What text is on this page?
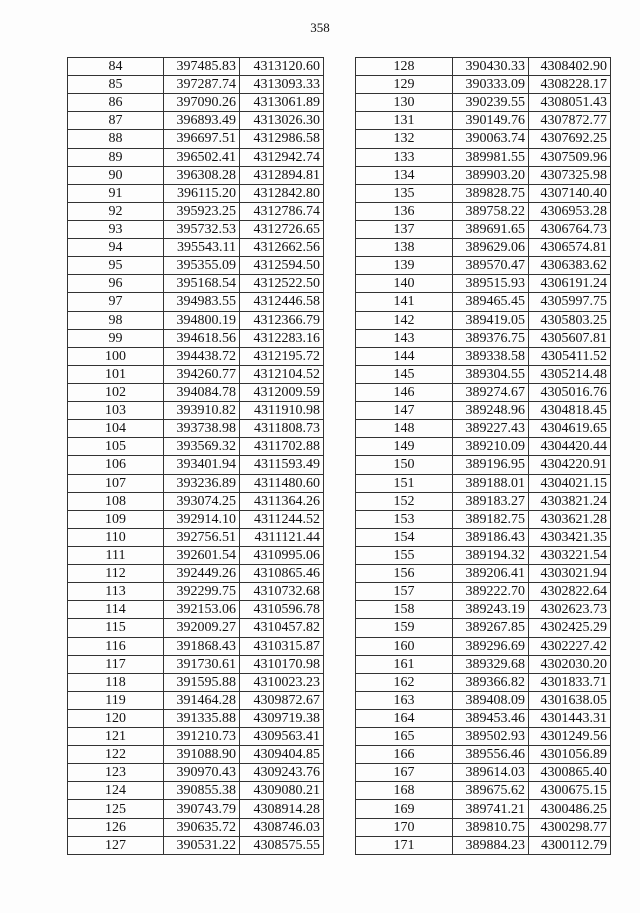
358
84	397485.83	4313120.60
85	397287.74	4313093.33
86	397090.26	4313061.89
87	396893.49	4313026.30
88	396697.51	4312986.58
89	396502.41	4312942.74
90	396308.28	4312894.81
91	396115.20	4312842.80
92	395923.25	4312786.74
93	395732.53	4312726.65
94	395543.11	4312662.56
95	395355.09	4312594.50
96	395168.54	4312522.50
97	394983.55	4312446.58
98	394800.19	4312366.79
99	394618.56	4312283.16
100	394438.72	4312195.72
101	394260.77	4312104.52
102	394084.78	4312009.59
103	393910.82	4311910.98
104	393738.98	4311808.73
105	393569.32	4311702.88
106	393401.94	4311593.49
107	393236.89	4311480.60
108	393074.25	4311364.26
109	392914.10	4311244.52
110	392756.51	4311121.44
111	392601.54	4310995.06
112	392449.26	4310865.46
113	392299.75	4310732.68
114	392153.06	4310596.78
115	392009.27	4310457.82
116	391868.43	4310315.87
117	391730.61	4310170.98
118	391595.88	4310023.23
119	391464.28	4309872.67
120	391335.88	4309719.38
121	391210.73	4309563.41
122	391088.90	4309404.85
123	390970.43	4309243.76
124	390855.38	4309080.21
125	390743.79	4308914.28
126	390635.72	4308746.03
127	390531.22	4308575.55
128	390430.33	4308402.90
129	390333.09	4308228.17
130	390239.55	4308051.43
131	390149.76	4307872.77
132	390063.74	4307692.25
133	389981.55	4307509.96
134	389903.20	4307325.98
135	389828.75	4307140.40
136	389758.22	4306953.28
137	389691.65	4306764.73
138	389629.06	4306574.81
139	389570.47	4306383.62
140	389515.93	4306191.24
141	389465.45	4305997.75
142	389419.05	4305803.25
143	389376.75	4305607.81
144	389338.58	4305411.52
145	389304.55	4305214.48
146	389274.67	4305016.76
147	389248.96	4304818.45
148	389227.43	4304619.65
149	389210.09	4304420.44
150	389196.95	4304220.91
151	389188.01	4304021.15
152	389183.27	4303821.24
153	389182.75	4303621.28
154	389186.43	4303421.35
155	389194.32	4303221.54
156	389206.41	4303021.94
157	389222.70	4302822.64
158	389243.19	4302623.73
159	389267.85	4302425.29
160	389296.69	4302227.42
161	389329.68	4302030.20
162	389366.82	4301833.71
163	389408.09	4301638.05
164	389453.46	4301443.31
165	389502.93	4301249.56
166	389556.46	4301056.89
167	389614.03	4300865.40
168	389675.62	4300675.15
169	389741.21	4300486.25
170	389810.75	4300298.77
171	389884.23	4300112.79
